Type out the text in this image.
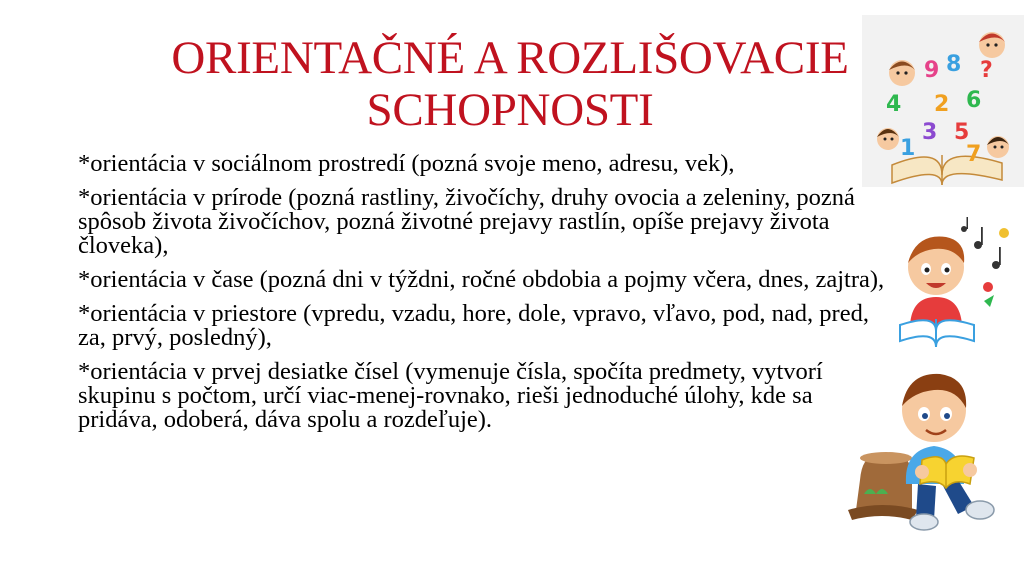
ORIENTAČNÉ A ROZLIŠOVACIE
SCHOPNOSTI
*orientácia v sociálnom prostredí (pozná svoje meno, adresu, vek),
*orientácia v prírode (pozná rastliny, živočíchy, druhy ovocia a zeleniny, pozná spôsob života živočíchov, pozná životné prejavy rastlín, opíše prejavy života človeka),
*orientácia v čase (pozná dni v týždni, ročné obdobia a pojmy včera, dnes, zajtra),
*orientácia v priestore (vpredu, vzadu, hore, dole, vpravo, vľavo, pod, nad, pred, za, prvý, posledný),
*orientácia v prvej desiatke čísel (vymenuje čísla, spočíta predmety, vytvorí skupinu s počtom, určí viac-menej-rovnako, rieši jednoduché úlohy, kde sa pridáva, odoberá, dáva spolu a rozdeľuje).
9 8
6
2
3 5
1 7
4
?
